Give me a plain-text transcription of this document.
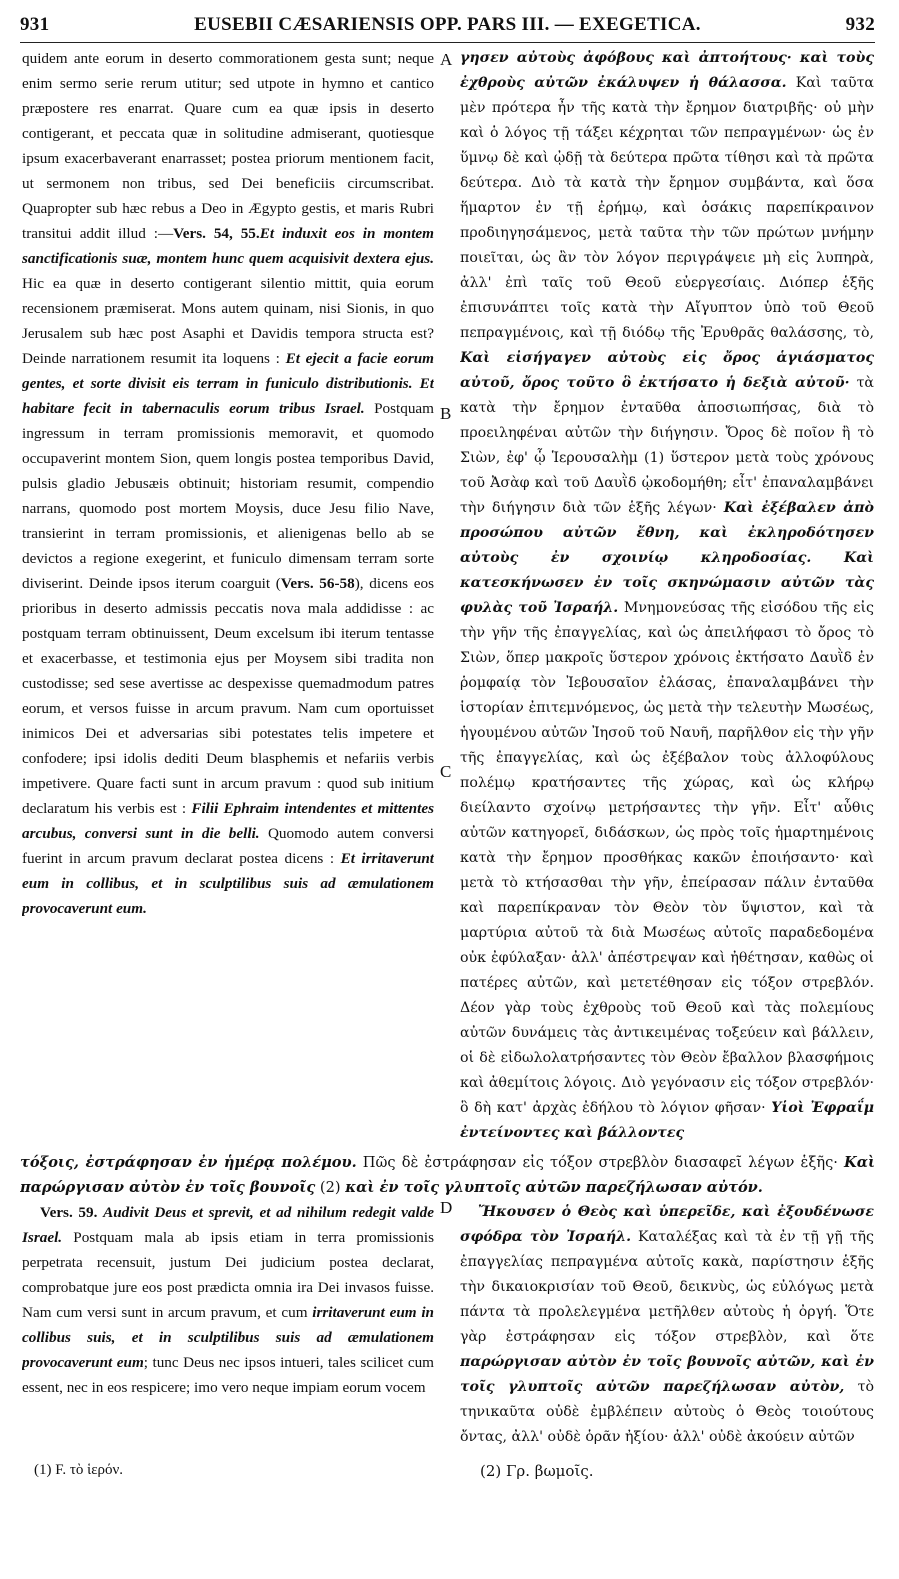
931	EUSEBII CÆSARIENSIS OPP. PARS III. — EXEGETICA.	932

quidem ante eorum in deserto commorationem gesta sunt; neque enim sermo serie rerum utitur; sed utpote in hymno et cantico præpostere res enarrat. Quare cum ea quæ ipsis in deserto contigerant, et peccata quæ in solitudine admiserant, quotiesque ipsum exacerbaverant enarrasset; postea priorum mentionem facit, ut sermonem non tribus, sed Dei beneficiis circumscribat. Quapropter sub hæc rebus a Deo in Ægypto gestis, et maris Rubri transitui addit illud :—Vers. 54, 55.Et induxit eos in montem sanctificationis suæ, montem hunc quem acquisivit dextera ejus. Hic ea quæ in deserto contigerant silentio mittit, quia eorum recensionem præmiserat. Mons autem quinam, nisi Sionis, in quo Jerusalem sub hæc post Asaphi et Davidis tempora structa est? Deinde narrationem resumit ita loquens : Et ejecit a facie eorum gentes, et sorte divisit eis terram in funiculo distributionis. Et habitare fecit in tabernaculis eorum tribus Israel. Postquam ingressum in terram promissionis memoravit, et quomodo occupaverint montem Sion, quem longis postea temporibus David, pulsis gladio Jebusæis obtinuit; historiam resumit, compendio narrans, quomodo post mortem Moysis, duce Jesu filio Nave, transierint in terram promissionis, et alienigenas bello ab se devictos a regione exegerint, et funiculo dimensam terram sorte diviserint. Deinde ipsos iterum coarguit (Vers. 56-58), dicens eos prioribus in deserto admissis peccatis nova mala addidisse : ac postquam terram obtinuissent, Deum excelsum ibi iterum tentasse et exacerbasse, et testimonia ejus per Moysem sibi tradita non custodisse; sed sese avertisse ac despexisse quemadmodum patres eorum, et versos fuisse in arcum pravum. Nam cum oportuisset inimicos Dei et adversarias sibi potestates telis impetere et confodere; ipsi idolis dediti Deum blasphemis et nefariis verbis impetivere. Quare facti sunt in arcum pravum : quod sub initium declaratum his verbis est : Filii Ephraim intendentes et mittentes arcubus, conversi sunt in die belli. Quomodo autem conversi fuerint in arcum pravum declarat postea dicens : Et irritaverunt eum in collibus, et in sculptilibus suis ad æmulationem provocaverunt eum.

A
B
C
D

γησεν αὐτοὺς ἀφόβους καὶ ἀπτοήτους· καὶ τοὺς ἐχθροὺς αὐτῶν ἐκάλυψεν ἡ θάλασσα. Καὶ ταῦτα μὲν πρότερα ἦν τῆς κατὰ τὴν ἔρημον διατριβῆς· οὐ μὴν καὶ ὁ λόγος τῇ τάξει κέχρηται τῶν πεπραγμένων· ὡς ἐν ὕμνῳ δὲ καὶ ᾠδῇ τὰ δεύτερα πρῶτα τίθησι καὶ τὰ πρῶτα δεύτερα. Διὸ τὰ κατὰ τὴν ἔρημον συμβάντα, καὶ ὅσα ἥμαρτον ἐν τῇ ἐρήμῳ, καὶ ὁσάκις παρεπίκραινον προδιηγησάμενος, μετὰ ταῦτα τὴν τῶν πρώτων μνήμην ποιεῖται, ὡς ἂν τὸν λόγον περιγράψειε μὴ εἰς λυπηρὰ, ἀλλ' ἐπὶ ταῖς τοῦ Θεοῦ εὐεργεσίαις. Διόπερ ἑξῆς ἐπισυνάπτει τοῖς κατὰ τὴν Αἴγυπτον ὑπὸ τοῦ Θεοῦ πεπραγμένοις, καὶ τῇ διόδῳ τῆς Ἐρυθρᾶς θαλάσσης, τὸ, Καὶ εἰσήγαγεν αὐτοὺς εἰς ὄρος ἁγιάσματος αὐτοῦ, ὄρος τοῦτο ὃ ἐκτήσατο ἡ δεξιὰ αὐτοῦ· τὰ κατὰ τὴν ἔρημον ἐνταῦθα ἀποσιωπήσας, διὰ τὸ προειληφέναι αὐτῶν τὴν διήγησιν. Ὄρος δὲ ποῖον ἢ τὸ Σιὼν, ἐφ' ᾧ Ἱερουσαλὴμ (1) ὕστερον μετὰ τοὺς χρόνους τοῦ Ἀσὰφ καὶ τοῦ Δαυῒδ ᾠκοδομήθη; εἶτ' ἐπαναλαμβάνει τὴν διήγησιν διὰ τῶν ἑξῆς λέγων· Καὶ ἐξέβαλεν ἀπὸ προσώπου αὐτῶν ἔθνη, καὶ ἐκληροδότησεν αὐτοὺς ἐν σχοινίῳ κληροδοσίας. Καὶ κατεσκήνωσεν ἐν τοῖς σκηνώμασιν αὐτῶν τὰς φυλὰς τοῦ Ἰσραήλ. Μνημονεύσας τῆς εἰσόδου τῆς εἰς τὴν γῆν τῆς ἐπαγγελίας, καὶ ὡς ἀπειλήφασι τὸ ὄρος τὸ Σιὼν, ὅπερ μακροῖς ὕστερον χρόνοις ἐκτήσατο Δαυῒδ ἐν ῥομφαίᾳ τὸν Ἰεβουσαῖον ἐλάσας, ἐπαναλαμβάνει τὴν ἱστορίαν ἐπιτεμνόμενος, ὡς μετὰ τὴν τελευτὴν Μωσέως, ἡγουμένου αὐτῶν Ἰησοῦ τοῦ Ναυῆ, παρῆλθον εἰς τὴν γῆν τῆς ἐπαγγελίας, καὶ ὡς ἐξέβαλον τοὺς ἀλλοφύλους πολέμῳ κρατήσαντες τῆς χώρας, καὶ ὡς κλήρῳ διείλαντο σχοίνῳ μετρήσαντες τὴν γῆν. Εἶτ' αὖθις αὐτῶν κατηγορεῖ, διδάσκων, ὡς πρὸς τοῖς ἡμαρτημένοις κατὰ τὴν ἔρημον προσθήκας κακῶν ἐποιήσαντο· καὶ μετὰ τὸ κτήσασθαι τὴν γῆν, ἐπείρασαν πάλιν ἐνταῦθα καὶ παρεπίκραναν τὸν Θεὸν τὸν ὕψιστον, καὶ τὰ μαρτύρια αὐτοῦ τὰ διὰ Μωσέως αὐτοῖς παραδεδομένα οὐκ ἐφύλαξαν· ἀλλ' ἀπέστρεψαν καὶ ἠθέτησαν, καθὼς οἱ πατέρες αὐτῶν, καὶ μετετέθησαν εἰς τόξον στρεβλόν. Δέον γὰρ τοὺς ἐχθροὺς τοῦ Θεοῦ καὶ τὰς πολεμίους αὐτῶν δυνάμεις τὰς ἀντικειμένας τοξεύειν καὶ βάλλειν, οἱ δὲ εἰδωλολατρήσαντες τὸν Θεὸν ἔβαλλον βλασφήμοις καὶ ἀθεμίτοις λόγοις. Διὸ γεγόνασιν εἰς τόξον στρεβλόν· ὃ δὴ κατ' ἀρχὰς ἐδήλου τὸ λόγιον φῆσαν· Υἱοὶ Ἐφραΐμ ἐντείνοντες καὶ βάλλοντες

τόξοις, ἐστράφησαν ἐν ἡμέρᾳ πολέμου. Πῶς δὲ ἐστράφησαν εἰς τόξον στρεβλὸν διασαφεῖ λέγων ἑξῆς· Καὶ παρώργισαν αὐτὸν ἐν τοῖς βουνοῖς (2) καὶ ἐν τοῖς γλυπτοῖς αὐτῶν παρεζήλωσαν αὐτόν.

Vers. 59. Audivit Deus et sprevit, et ad nihilum redegit valde Israel. Postquam mala ab ipsis etiam in terra promissionis perpetrata recensuit, justum Dei judicium postea declarat, comprobatque jure eos post prædicta omnia ira Dei invasos fuisse. Nam cum versi sunt in arcum pravum, et cum irritaverunt eum in collibus suis, et in sculptilibus suis ad æmulationem provocaverunt eum; tunc Deus nec ipsos intueri, tales scilicet cum essent, nec in eos respicere; imo vero neque impiam eorum vocem

Ἤκουσεν ὁ Θεὸς καὶ ὑπερεῖδε, καὶ ἐξουδένωσε σφόδρα τὸν Ἰσραήλ. Καταλέξας καὶ τὰ ἐν τῇ γῇ τῆς ἐπαγγελίας πεπραγμένα αὐτοῖς κακὰ, παρίστησιν ἑξῆς τὴν δικαιοκρισίαν τοῦ Θεοῦ, δεικνὺς, ὡς εὐλόγως μετὰ πάντα τὰ προλελεγμένα μετῆλθεν αὐτοὺς ἡ ὀργή. Ὅτε γὰρ ἐστράφησαν εἰς τόξον στρεβλὸν, καὶ ὅτε παρώργισαν αὐτὸν ἐν τοῖς βουνοῖς αὐτῶν, καὶ ἐν τοῖς γλυπτοῖς αὐτῶν παρεζήλωσαν αὐτὸν, τὸ τηνικαῦτα οὐδὲ ἐμβλέπειν αὐτοὺς ὁ Θεὸς τοιούτους ὄντας, ἀλλ' οὐδὲ ὁρᾶν ἠξίου· ἀλλ' οὐδὲ ἀκούειν αὐτῶν

(1) F. τὸ ἱερόν.	(2) Γρ. βωμοῖς.
